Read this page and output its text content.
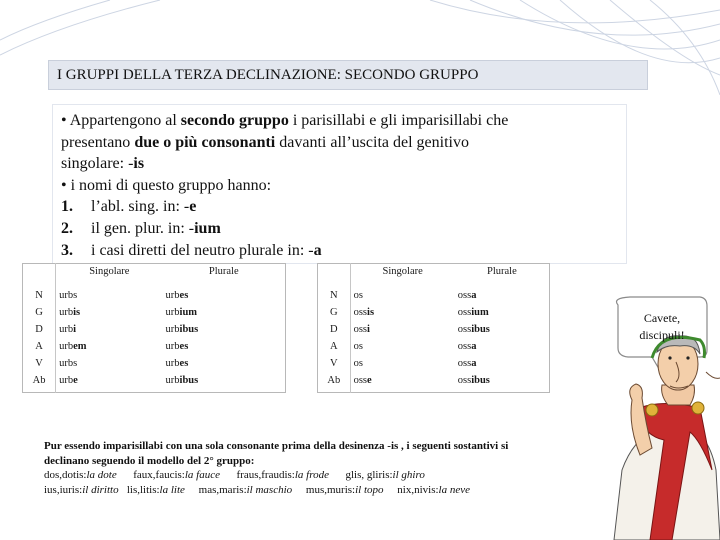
I GRUPPI DELLA TERZA DECLINAZIONE: SECONDO GRUPPO

• Appartengono al secondo gruppo i parisillabi e gli imparisillabi che

presentano due o più consonanti davanti all’uscita del genitivo

singolare: -is

• i nomi di questo gruppo hanno:

1. l’abl. sing. in: -e

2. il gen. plur. in: -ium

3. i casi diretti del neutro plurale in: -a

	Singolare	Plurale
N	urbs	urbes
G	urbis	urbium
D	urbi	urbibus
A	urbem	urbes
V	urbs	urbes
Ab	urbe	urbibus
	Singolare	Plurale
N	os	ossa
G	ossis	ossium
D	ossi	ossibus
A	os	ossa
V	os	ossa
Ab	osse	ossibus
Cavete,
discipuli!

Pur essendo imparisillabi con una sola consonante prima della desinenza -is , i seguenti sostantivi si

declinano seguendo il modello del 2° gruppo:

dos,dotis:la dote faux,faucis:la fauce fraus,fraudis:la frode glis, gliris:il ghiro

ius,iuris:il diritto lis,litis:la lite mas,maris:il maschio mus,muris:il topo nix,nivis:la neve
